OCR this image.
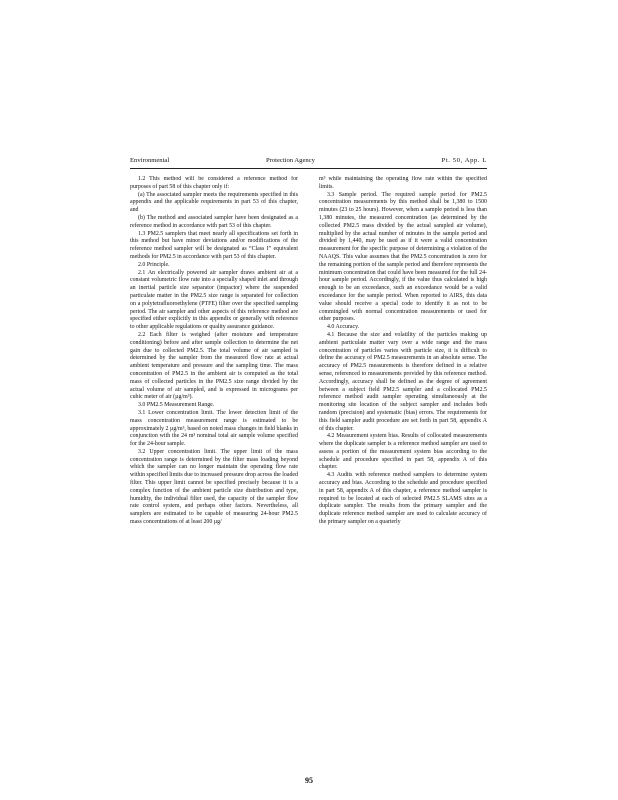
Environmental	Protection Agency	Pt. 50, App. L

1.2 This method will be considered a reference method for purposes of part 58 of this chapter only if:

(a) The associated sampler meets the requirements specified in this appendix and the applicable requirements in part 53 of this chapter, and

(b) The method and associated sampler have been designated as a reference method in accordance with part 53 of this chapter.

1.3 PM2.5 samplers that meet nearly all specifications set forth in this method but have minor deviations and/or modifications of the reference method sampler will be designated as “Class I” equivalent methods for PM2.5 in accordance with part 53 of this chapter.

2.0 Principle.

2.1 An electrically powered air sampler draws ambient air at a constant volumetric flow rate into a specially shaped inlet and through an inertial particle size separator (impactor) where the suspended particulate matter in the PM2.5 size range is separated for collection on a polytetrafluoroethylene (PTFE) filter over the specified sampling period. The air sampler and other aspects of this reference method are specified either explicitly in this appendix or generally with reference to other applicable regulations or quality assurance guidance.

2.2 Each filter is weighed (after moisture and temperature conditioning) before and after sample collection to determine the net gain due to collected PM2.5. The total volume of air sampled is determined by the sampler from the measured flow rate at actual ambient temperature and pressure and the sampling time. The mass concentration of PM2.5 in the ambient air is computed as the total mass of collected particles in the PM2.5 size range divided by the actual volume of air sampled, and is expressed in micrograms per cubic meter of air (µg/m³).

3.0 PM2.5 Measurement Range.

3.1 Lower concentration limit. The lower detection limit of the mass concentration measurement range is estimated to be approximately 2 µg/m³, based on noted mass changes in field blanks in conjunction with the 24 m³ nominal total air sample volume specified for the 24-hour sample.

3.2 Upper concentration limit. The upper limit of the mass concentration range is determined by the filter mass loading beyond which the sampler can no longer maintain the operating flow rate within specified limits due to increased pressure drop across the loaded filter. This upper limit cannot be specified precisely because it is a complex function of the ambient particle size distribution and type, humidity, the individual filter used, the capacity of the sampler flow rate control system, and perhaps other factors. Nevertheless, all samplers are estimated to be capable of measuring 24-hour PM2.5 mass concentrations of at least 200 µg/

m³ while maintaining the operating flow rate within the specified limits.

3.3 Sample period. The required sample period for PM2.5 concentration measurements by this method shall be 1,380 to 1500 minutes (23 to 25 hours). However, when a sample period is less than 1,380 minutes, the measured concentration (as determined by the collected PM2.5 mass divided by the actual sampled air volume), multiplied by the actual number of minutes in the sample period and divided by 1,440, may be used as if it were a valid concentration measurement for the specific purpose of determining a violation of the NAAQS. This value assumes that the PM2.5 concentration is zero for the remaining portion of the sample period and therefore represents the minimum concentration that could have been measured for the full 24-hour sample period. Accordingly, if the value thus calculated is high enough to be an exceedance, such an exceedance would be a valid exceedance for the sample period. When reported to AIRS, this data value should receive a special code to identify it as not to be commingled with normal concentration measurements or used for other purposes.

4.0 Accuracy.

4.1 Because the size and volatility of the particles making up ambient particulate matter vary over a wide range and the mass concentration of particles varies with particle size, it is difficult to define the accuracy of PM2.5 measurements in an absolute sense. The accuracy of PM2.5 measurements is therefore defined in a relative sense, referenced to measurements provided by this reference method. Accordingly, accuracy shall be defined as the degree of agreement between a subject field PM2.5 sampler and a collocated PM2.5 reference method audit sampler operating simultaneously at the monitoring site location of the subject sampler and includes both random (precision) and systematic (bias) errors. The requirements for this field sampler audit procedure are set forth in part 58, appendix A of this chapter.

4.2 Measurement system bias. Results of collocated measurements where the duplicate sampler is a reference method sampler are used to assess a portion of the measurement system bias according to the schedule and procedure specified in part 58, appendix A of this chapter.

4.3 Audits with reference method samplers to determine system accuracy and bias. According to the schedule and procedure specified in part 58, appendix A of this chapter, a reference method sampler is required to be located at each of selected PM2.5 SLAMS sites as a duplicate sampler. The results from the primary sampler and the duplicate reference method sampler are used to calculate accuracy of the primary sampler on a quarterly

95
